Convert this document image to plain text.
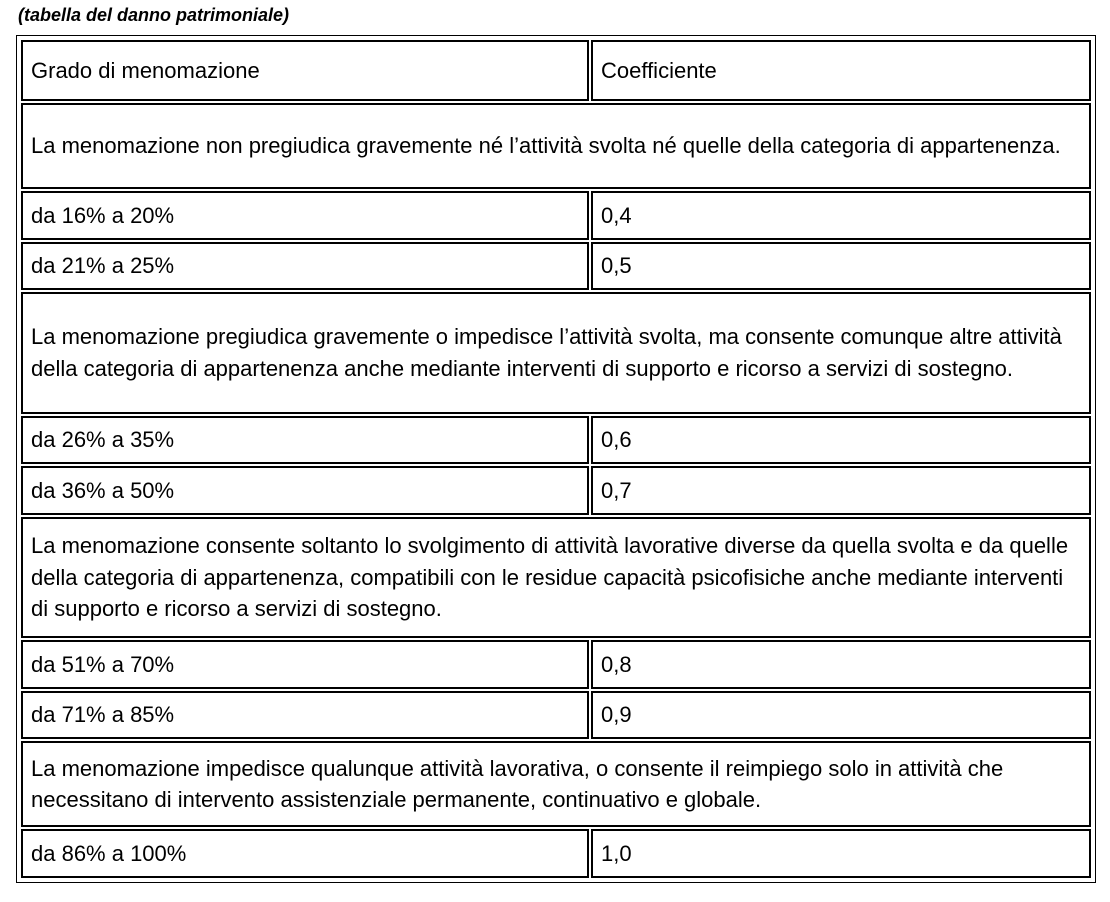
(tabella del danno patrimoniale)
Grado di menomazione	Coefficiente
La menomazione non pregiudica gravemente né l’attività svolta né quelle della categoria di appartenenza.	
da 16% a 20%	0,4
da 21% a 25%	0,5
La menomazione pregiudica gravemente o impedisce l’attività svolta, ma consente comunque altre attività della categoria di appartenenza anche mediante interventi di supporto e ricorso a servizi di sostegno.	
da 26% a 35%	0,6
da 36% a 50%	0,7
La menomazione consente soltanto lo svolgimento di attività lavorative diverse da quella svolta e da quelle della categoria di appartenenza, compatibili con le residue capacità psicofisiche anche mediante interventi di supporto e ricorso a servizi di sostegno.	
da 51% a 70%	0,8
da 71% a 85%	0,9
La menomazione impedisce qualunque attività lavorativa, o consente il reimpiego solo in attività che necessitano di intervento assistenziale permanente, continuativo e globale.	
da 86% a 100%	1,0
